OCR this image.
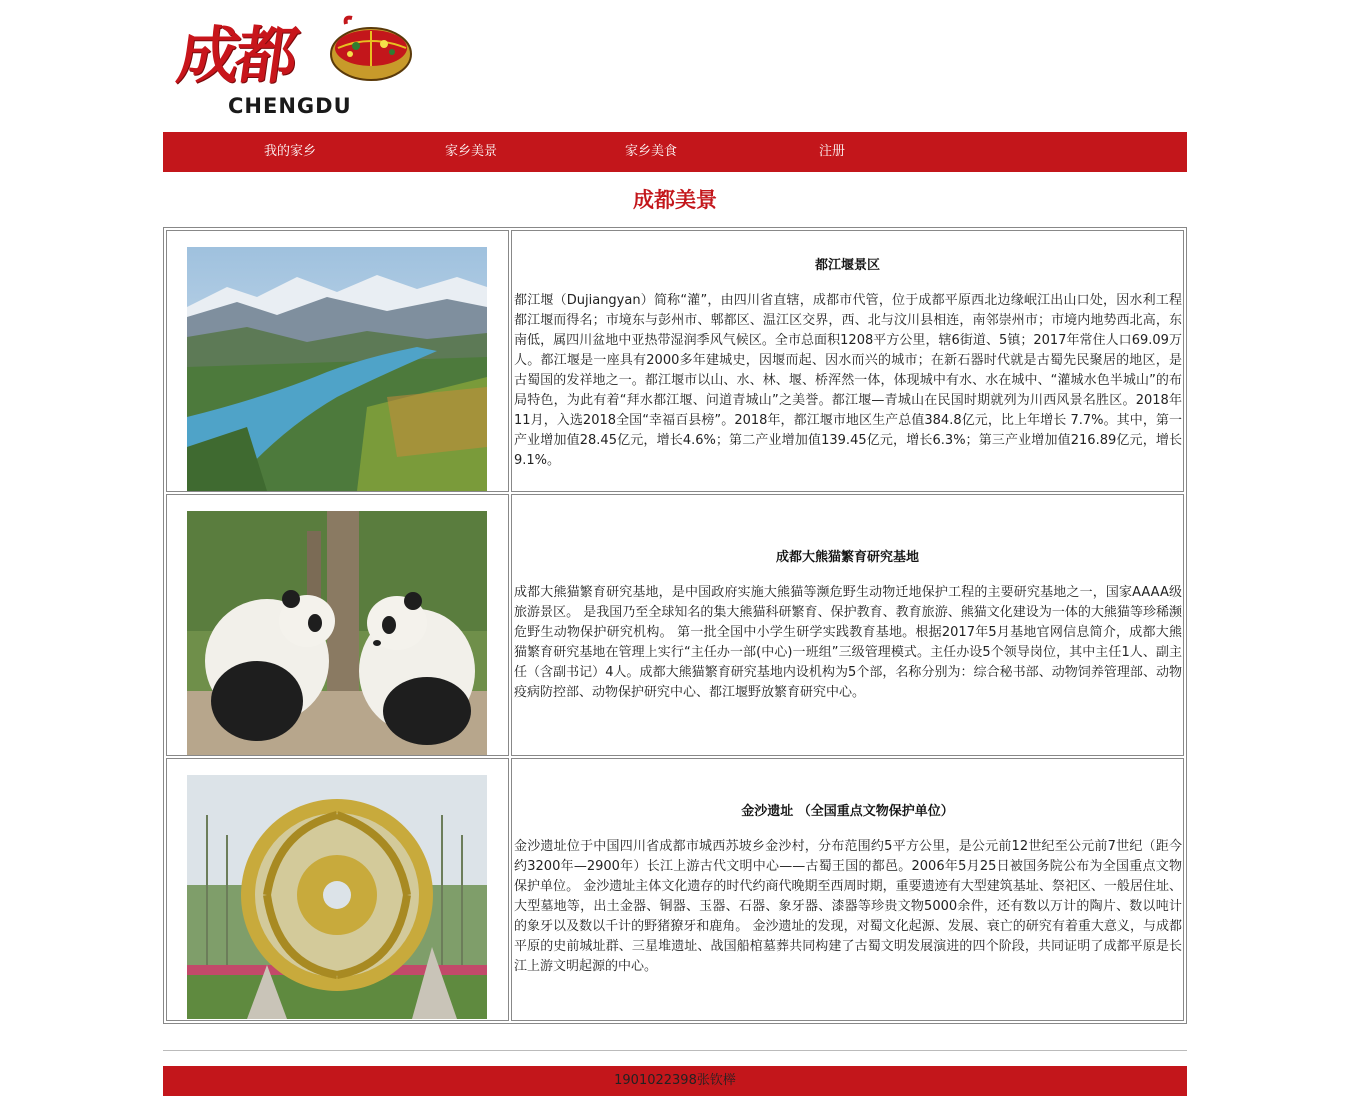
成都
CHENGDU
我的家乡	家乡美景	家乡美食	注册
成都美景
都江堰景区

都江堰（Dujiangyan）简称“灌”，由四川省直辖，成都市代管，位于成都平原西北边缘岷江出山口处，因水利工程都江堰而得名；市境东与彭州市、郫都区、温江区交界，西、北与汶川县相连，南邻崇州市；市境内地势西北高，东南低，属四川盆地中亚热带湿润季风气候区。全市总面积1208平方公里，辖6街道、5镇；2017年常住人口69.09万人。都江堰是一座具有2000多年建城史，因堰而起、因水而兴的城市；在新石器时代就是古蜀先民聚居的地区，是古蜀国的发祥地之一。都江堰市以山、水、林、堰、桥浑然一体，体现城中有水、水在城中、“灌城水色半城山”的布局特色，为此有着“拜水都江堰、问道青城山”之美誉。都江堰—青城山在民国时期就列为川西风景名胜区。2018年11月，入选2018全国“幸福百县榜”。2018年，都江堰市地区生产总值384.8亿元，比上年增长 7.7%。其中，第一产业增加值28.45亿元，增长4.6%；第二产业增加值139.45亿元，增长6.3%；第三产业增加值216.89亿元，增长9.1%。

成都大熊猫繁育研究基地

成都大熊猫繁育研究基地，是中国政府实施大熊猫等濒危野生动物迁地保护工程的主要研究基地之一，国家AAAA级旅游景区。 是我国乃至全球知名的集大熊猫科研繁育、保护教育、教育旅游、熊猫文化建设为一体的大熊猫等珍稀濒危野生动物保护研究机构。 第一批全国中小学生研学实践教育基地。根据2017年5月基地官网信息简介，成都大熊猫繁育研究基地在管理上实行“主任办一部(中心)一班组”三级管理模式。主任办设5个领导岗位，其中主任1人、副主任（含副书记）4人。成都大熊猫繁育研究基地内设机构为5个部，名称分别为：综合秘书部、动物饲养管理部、动物疫病防控部、动物保护研究中心、都江堰野放繁育研究中心。

金沙遗址 （全国重点文物保护单位）

金沙遗址位于中国四川省成都市城西苏坡乡金沙村，分布范围约5平方公里，是公元前12世纪至公元前7世纪（距今约3200年—2900年）长江上游古代文明中心——古蜀王国的都邑。2006年5月25日被国务院公布为全国重点文物保护单位。 金沙遗址主体文化遗存的时代约商代晚期至西周时期，重要遗迹有大型建筑基址、祭祀区、一般居住址、大型墓地等，出土金器、铜器、玉器、石器、象牙器、漆器等珍贵文物5000余件，还有数以万计的陶片、数以吨计的象牙以及数以千计的野猪獠牙和鹿角。 金沙遗址的发现，对蜀文化起源、发展、衰亡的研究有着重大意义，与成都平原的史前城址群、三星堆遗址、战国船棺墓葬共同构建了古蜀文明发展演进的四个阶段，共同证明了成都平原是长江上游文明起源的中心。

1901022398张钦榉
